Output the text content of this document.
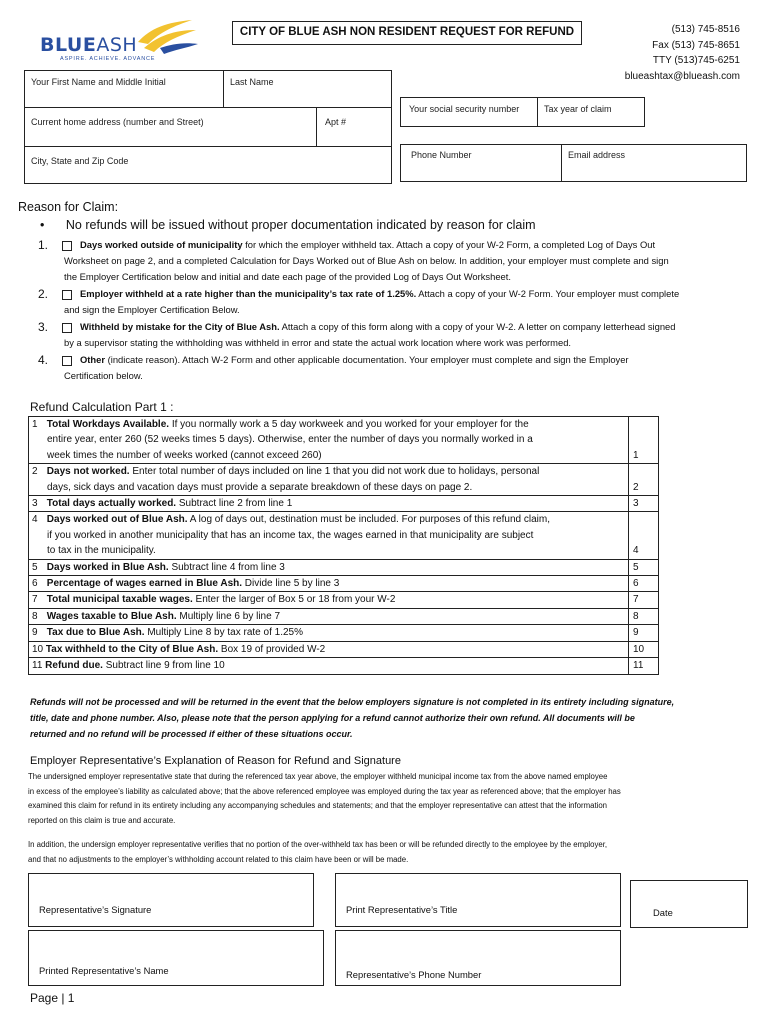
BLUEASH
ASPIRE. ACHIEVE. ADVANCE
CITY OF BLUE ASH NON RESIDENT REQUEST FOR REFUND	(513) 745-8516
Fax (513) 745-8651
TTY (513)745-6251
blueashtax@blueash.com
Your First Name and Middle Initial	Last Name
Current home address (number and Street)	Apt #
City, State and Zip Code
Your social security number	Tax year of claim
Phone Number	Email address
Reason for Claim:
• No refunds will be issued without proper documentation indicated by reason for claim
1.	Days worked outside of municipality for which the employer withheld tax. Attach a copy of your W-2 Form, a completed Log of Days Out
Worksheet on page 2, and a completed Calculation for Days Worked out of Blue Ash on below. In addition, your employer must complete and sign
the Employer Certification below and initial and date each page of the provided Log of Days Out Worksheet.
2.	Employer withheld at a rate higher than the municipality’s tax rate of 1.25%. Attach a copy of your W-2 Form. Your employer must complete
and sign the Employer Certification Below.
3.	Withheld by mistake for the City of Blue Ash. Attach a copy of this form along with a copy of your W-2. A letter on company letterhead signed
by a supervisor stating the withholding was withheld in error and state the actual work location where work was performed.
4.	Other (indicate reason). Attach W-2 Form and other applicable documentation. Your employer must complete and sign the Employer
Certification below.
Refund Calculation Part 1 :
1 Total Workdays Available. If you normally work a 5 day workweek and you worked for your employer for the
entire year, enter 260 (52 weeks times 5 days). Otherwise, enter the number of days you normally worked in a
week times the number of weeks worked (cannot exceed 260)	1

2 Days not worked. Enter total number of days included on line 1 that you did not work due to holidays, personal
days, sick days and vacation days must provide a separate breakdown of these days on page 2.	2

3 Total days actually worked. Subtract line 2 from line 1	3

4 Days worked out of Blue Ash. A log of days out, destination must be included. For purposes of this refund claim,
if you worked in another municipality that has an income tax, the wages earned in that municipality are subject
to tax in the municipality.	4
5 Days worked in Blue Ash. Subtract line 4 from line 3	5
6 Percentage of wages earned in Blue Ash. Divide line 5 by line 3	6
7 Total municipal taxable wages. Enter the larger of Box 5 or 18 from your W-2	7
8 Wages taxable to Blue Ash. Multiply line 6 by line 7	8
9 Tax due to Blue Ash. Multiply Line 8 by tax rate of 1.25%	9
10 Tax withheld to the City of Blue Ash. Box 19 of provided W-2	10
11 Refund due. Subtract line 9 from line 10	11
Refunds will not be processed and will be returned in the event that the below employers signature is not completed in its entirety including signature,
title, date and phone number. Also, please note that the person applying for a refund cannot authorize their own refund. All documents will be
returned and no refund will be processed if either of these situations occur.
Employer Representative’s Explanation of Reason for Refund and Signature
The undersigned employer representative state that during the referenced tax year above, the employer withheld municipal income tax from the above named employee
in excess of the employee’s liability as calculated above; that the above referenced employee was employed during the tax year as referenced above; that the employer has
examined this claim for refund in its entirety including any accompanying schedules and statements; and that the employer representative can attest that the information
reported on this claim is true and accurate.
In addition, the undersign employer representative verifies that no portion of the over-withheld tax has been or will be refunded directly to the employee by the employer,
and that no adjustments to the employer’s withholding account related to this claim have been or will be made.
Representative’s Signature	Print Representative’s Title	Date
Printed Representative’s Name	Representative’s Phone Number
Page | 1
